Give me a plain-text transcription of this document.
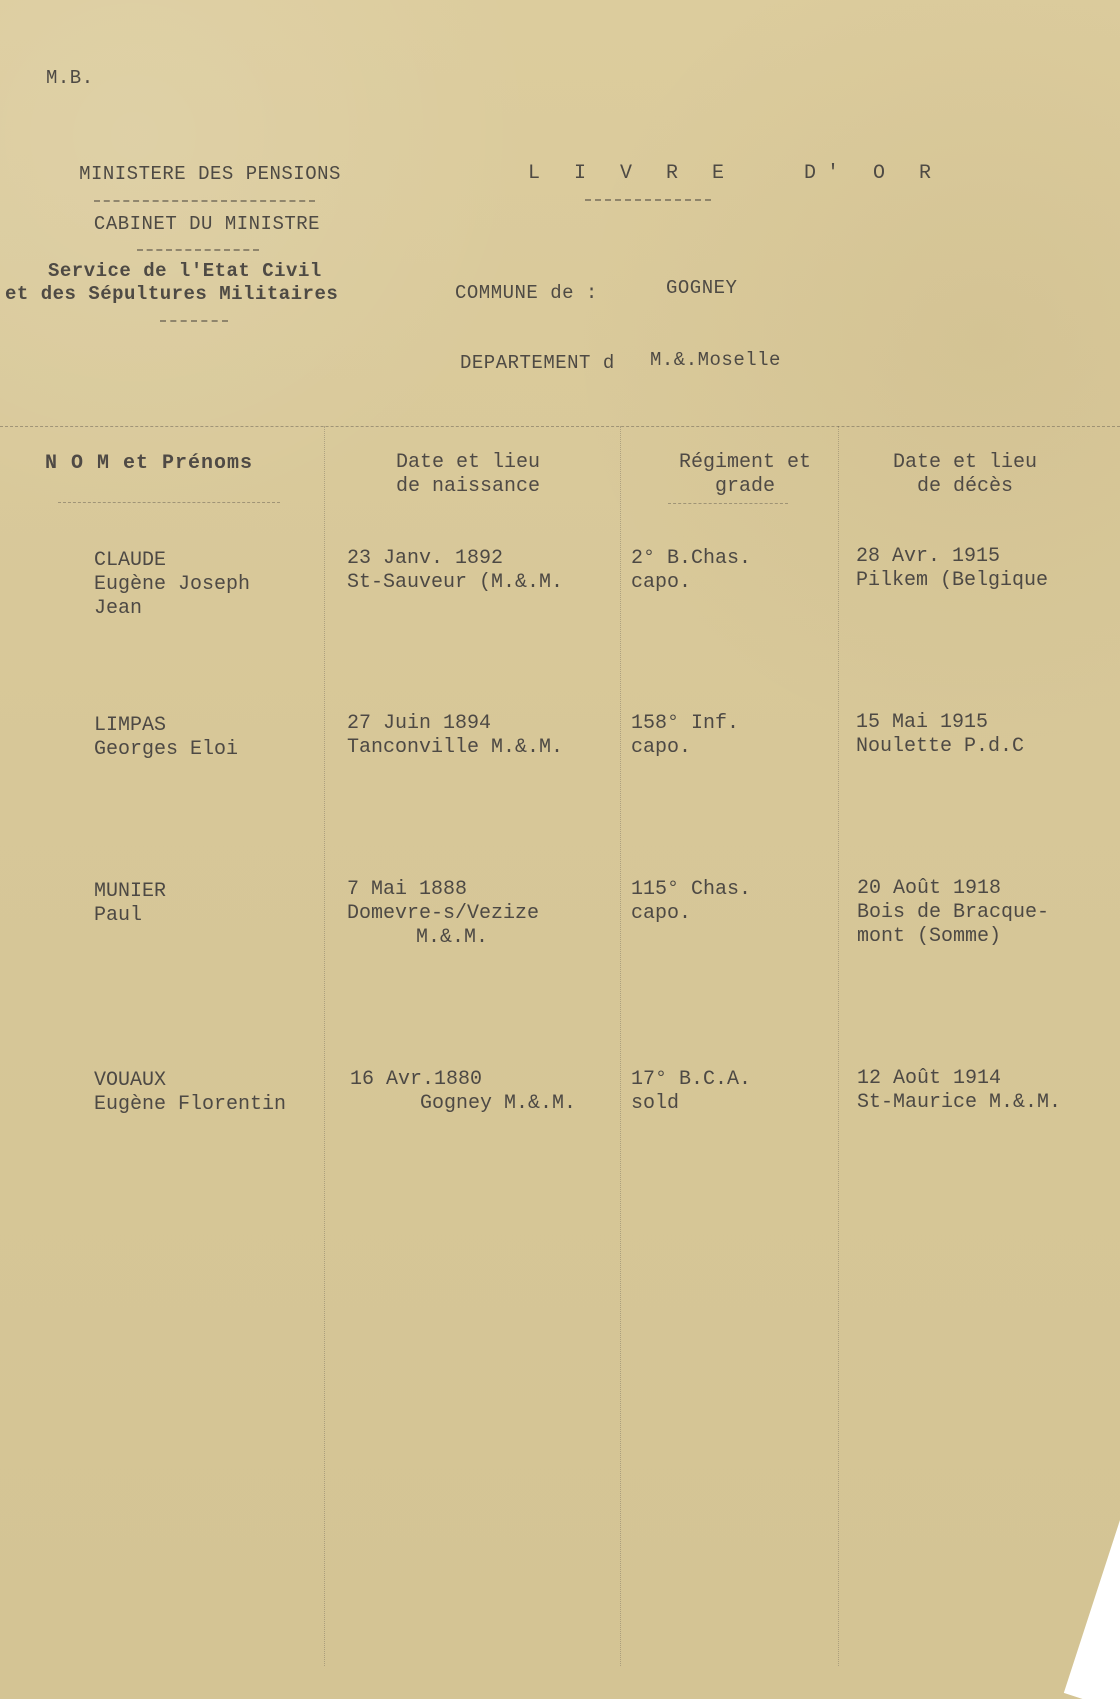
M.B.
MINISTERE DES PENSIONS
CABINET DU MINISTRE
Service de l'Etat Civil
et des Sépultures Militaires
L I V R E   D' O R
COMMUNE de :	GOGNEY
DEPARTEMENT d M.&.Moselle
N O M et Prénoms	Date et lieu
de naissance
Régiment et
grade
Date et lieu
de décès
CLAUDE
Eugène Joseph
Jean
23 Janv. 1892
St-Sauveur (M.&.M.
2° B.Chas.
capo.
28 Avr. 1915
Pilkem (Belgique
LIMPAS
Georges Eloi
27 Juin 1894
Tanconville M.&.M.
158° Inf.
capo.
15 Mai 1915
Noulette P.d.C
MUNIER
Paul
7 Mai 1888
Domevre-s/Vezize
M.&.M.
115° Chas.
capo.
20 Août 1918
Bois de Bracque-
mont (Somme)
VOUAUX
Eugène Florentin
16 Avr.1880
Gogney M.&.M.
17° B.C.A.
sold
12 Août 1914
St-Maurice M.&.M.
